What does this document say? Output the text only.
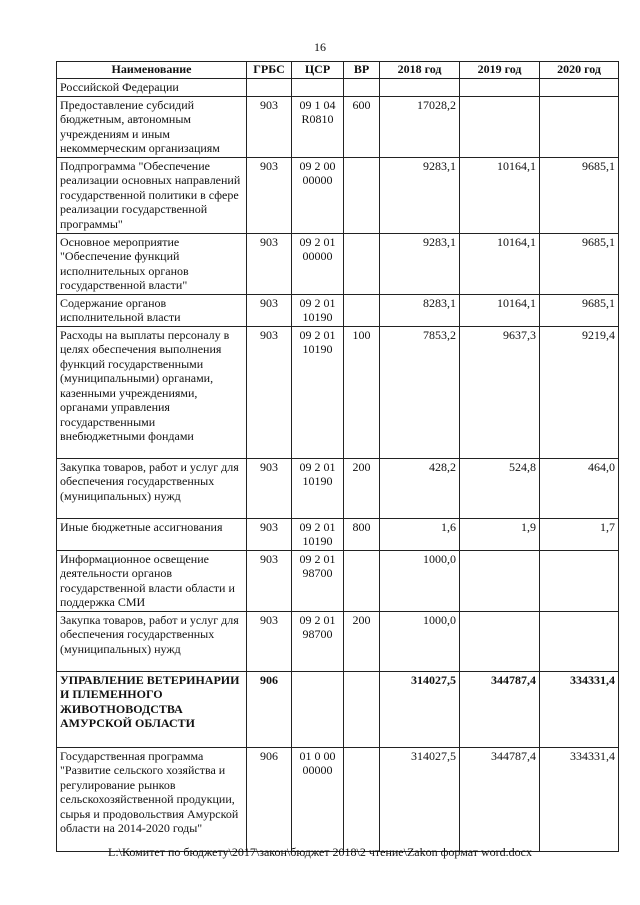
16
Наименование	ГРБС	ЦСР	ВР	2018 год	2019 год	2020 год
Российской Федерации						
Предоставление субсидий бюджетным, автономным учреждениям и иным некоммерческим организациям	903	09 1 04 R0810	600	17028,2		
Подпрограмма "Обеспечение реализации основных направлений государственной политики в сфере реализации государственной программы"	903	09 2 00 00000		9283,1	10164,1	9685,1
Основное мероприятие "Обеспечение функций исполнительных органов государственной власти"	903	09 2 01 00000		9283,1	10164,1	9685,1
Содержание органов исполнительной власти	903	09 2 01 10190		8283,1	10164,1	9685,1
Расходы на выплаты персоналу в целях обеспечения выполнения функций государственными (муниципальными) органами, казенными учреждениями, органами управления государственными внебюджетными фондами	903	09 2 01 10190	100	7853,2	9637,3	9219,4
Закупка товаров, работ и услуг для обеспечения государственных (муниципальных) нужд	903	09 2 01 10190	200	428,2	524,8	464,0
Иные бюджетные ассигнования	903	09 2 01 10190	800	1,6	1,9	1,7
Информационное освещение деятельности органов государственной власти области и поддержка СМИ	903	09 2 01 98700		1000,0		
Закупка товаров, работ и услуг для обеспечения государственных (муниципальных) нужд	903	09 2 01 98700	200	1000,0		
УПРАВЛЕНИЕ ВЕТЕРИНАРИИ И ПЛЕМЕННОГО ЖИВОТНОВОДСТВА АМУРСКОЙ ОБЛАСТИ	906			314027,5	344787,4	334331,4
Государственная программа "Развитие сельского хозяйства и регулирование рынков сельскохозяйственной продукции, сырья и продовольствия Амурской области на 2014-2020 годы"	906	01 0 00 00000		314027,5	344787,4	334331,4
L:\Комитет по бюджету\2017\закон\бюджет 2018\2 чтение\Zakon формат word.docx
